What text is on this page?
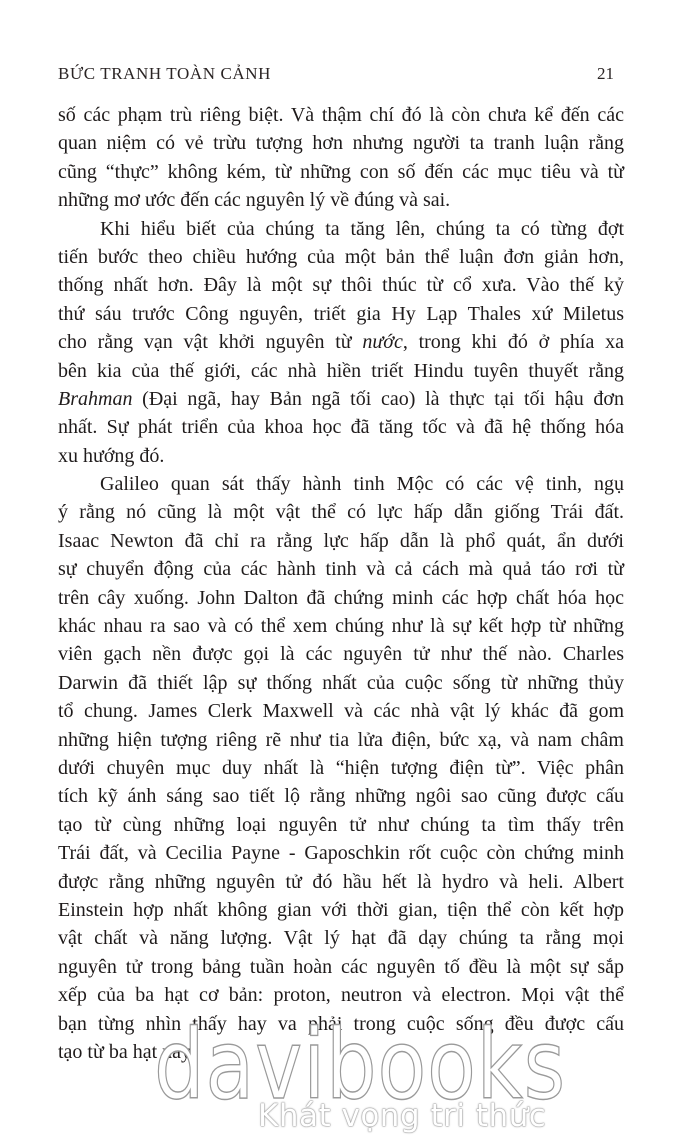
BỨC TRANH TOÀN CẢNH	21
số các phạm trù riêng biệt. Và thậm chí đó là còn chưa kể đến các
quan niệm có vẻ trừu tượng hơn nhưng người ta tranh luận rằng
cũng “thực” không kém, từ những con số đến các mục tiêu và từ
những mơ ước đến các nguyên lý về đúng và sai.
Khi hiểu biết của chúng ta tăng lên, chúng ta có từng đợt
tiến bước theo chiều hướng của một bản thể luận đơn giản hơn,
thống nhất hơn. Đây là một sự thôi thúc từ cổ xưa. Vào thế kỷ
thứ sáu trước Công nguyên, triết gia Hy Lạp Thales xứ Miletus
cho rằng vạn vật khởi nguyên từ nước, trong khi đó ở phía xa
bên kia của thế giới, các nhà hiền triết Hindu tuyên thuyết rằng
Brahman (Đại ngã, hay Bản ngã tối cao) là thực tại tối hậu đơn
nhất. Sự phát triển của khoa học đã tăng tốc và đã hệ thống hóa
xu hướng đó.
Galileo quan sát thấy hành tinh Mộc có các vệ tinh, ngụ
ý rằng nó cũng là một vật thể có lực hấp dẫn giống Trái đất.
Isaac Newton đã chỉ ra rằng lực hấp dẫn là phổ quát, ẩn dưới
sự chuyển động của các hành tinh và cả cách mà quả táo rơi từ
trên cây xuống. John Dalton đã chứng minh các hợp chất hóa học
khác nhau ra sao và có thể xem chúng như là sự kết hợp từ những
viên gạch nền được gọi là các nguyên tử như thế nào. Charles
Darwin đã thiết lập sự thống nhất của cuộc sống từ những thủy
tổ chung. James Clerk Maxwell và các nhà vật lý khác đã gom
những hiện tượng riêng rẽ như tia lửa điện, bức xạ, và nam châm
dưới chuyên mục duy nhất là “hiện tượng điện từ”. Việc phân
tích kỹ ánh sáng sao tiết lộ rằng những ngôi sao cũng được cấu
tạo từ cùng những loại nguyên tử như chúng ta tìm thấy trên
Trái đất, và Cecilia Payne - Gaposchkin rốt cuộc còn chứng minh
được rằng những nguyên tử đó hầu hết là hydro và heli. Albert
Einstein hợp nhất không gian với thời gian, tiện thể còn kết hợp
vật chất và năng lượng. Vật lý hạt đã dạy chúng ta rằng mọi
nguyên tử trong bảng tuần hoàn các nguyên tố đều là một sự sắp
xếp của ba hạt cơ bản: proton, neutron và electron. Mọi vật thể
bạn từng nhìn thấy hay va phải trong cuộc sống đều được cấu
tạo từ ba hạt này.
davibooks
Khát vọng tri thức
